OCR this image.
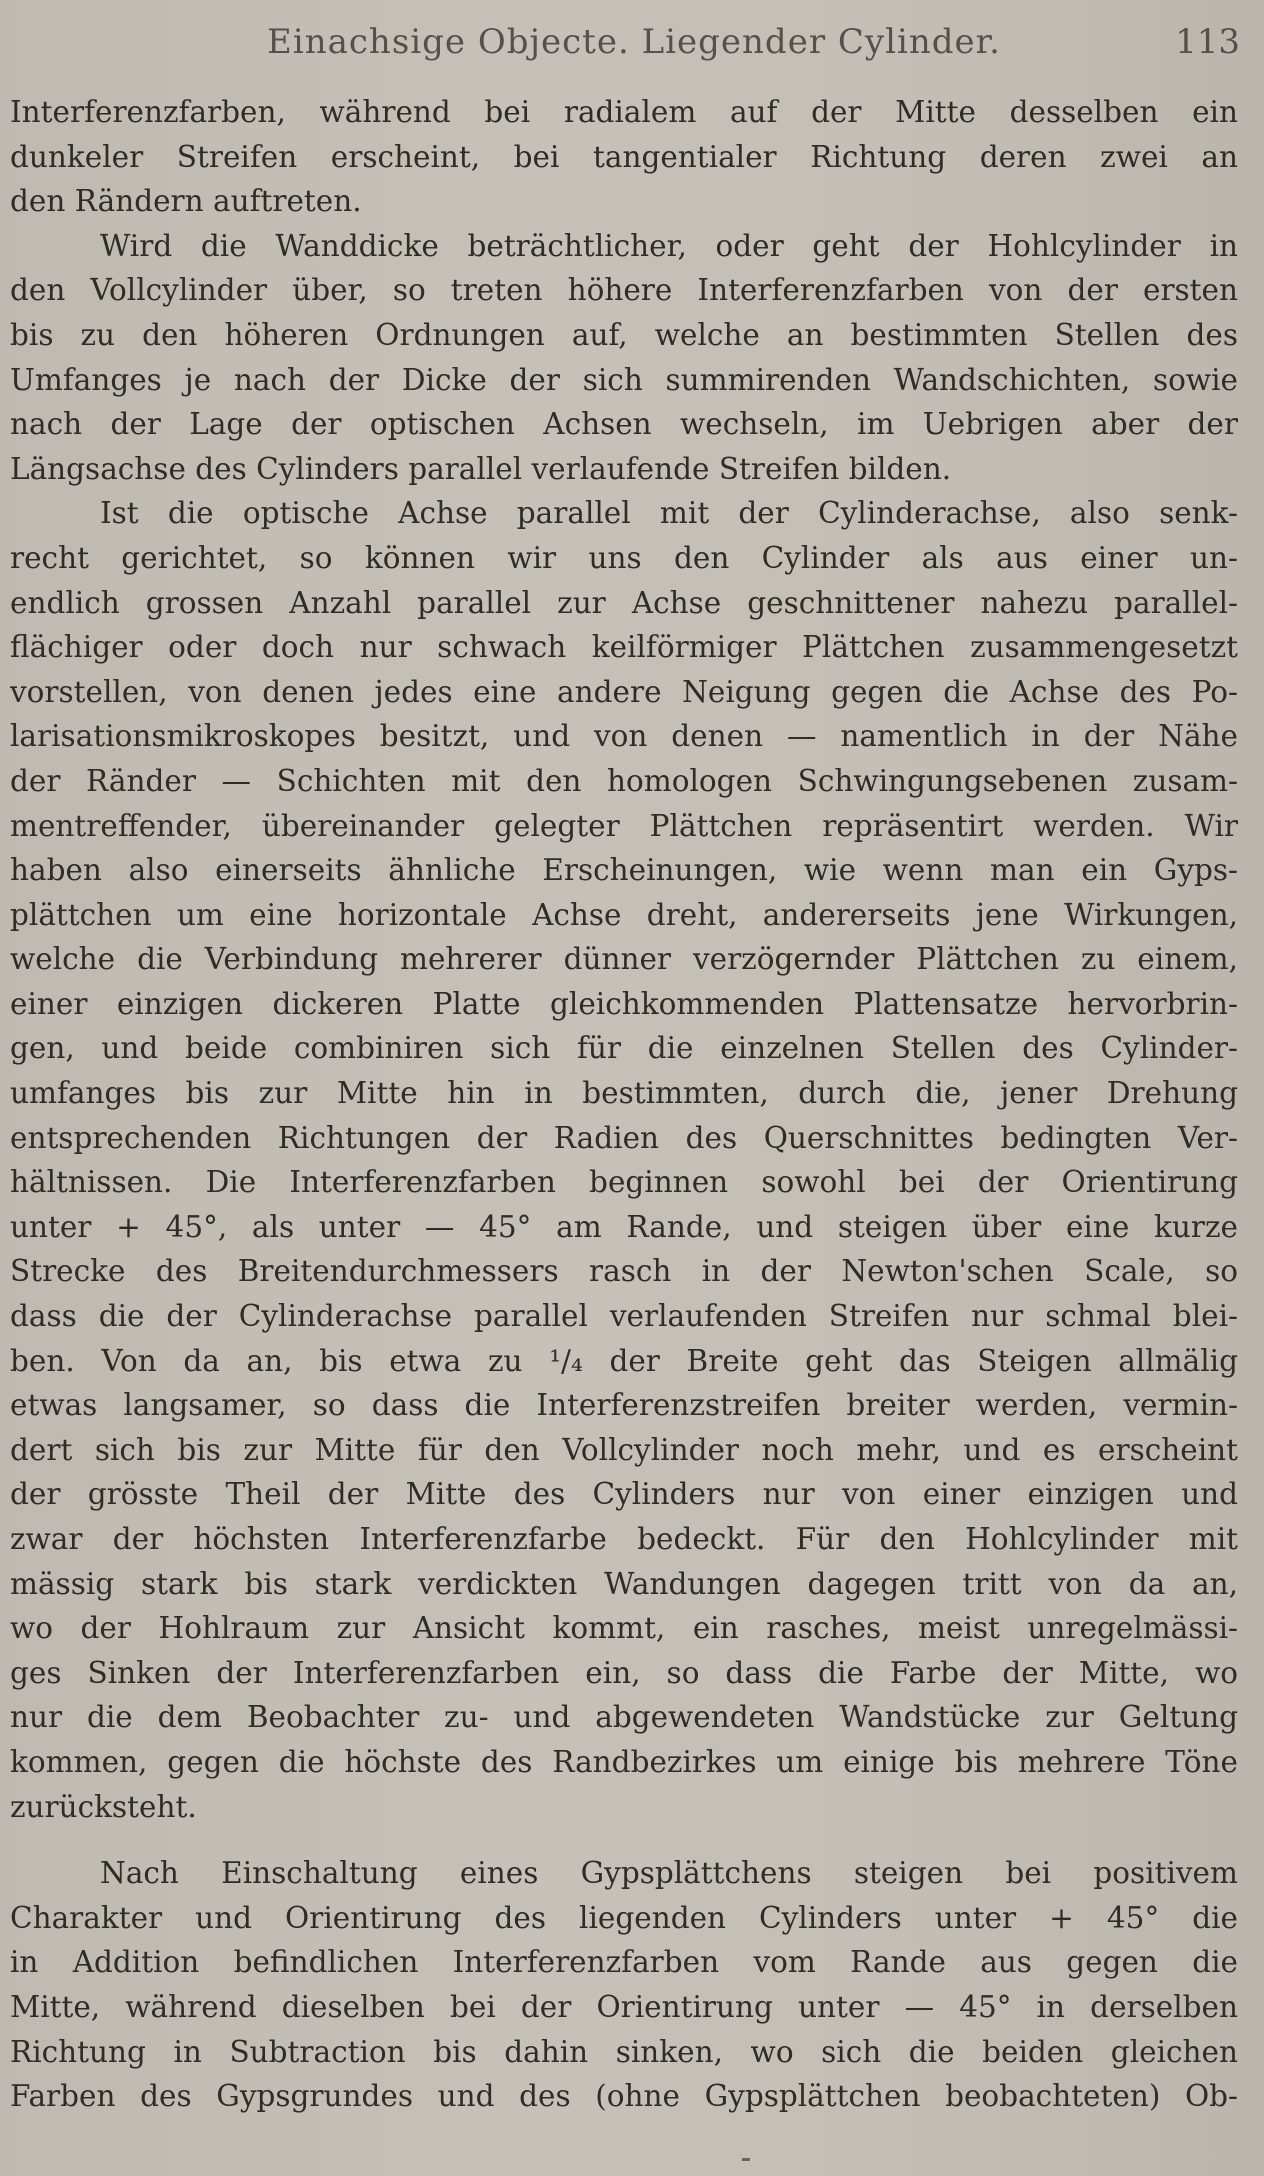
Einachsige Objecte. Liegender Cylinder.	113
Interferenzfarben, während bei radialem auf der Mitte desselben ein
dunkeler Streifen erscheint, bei tangentialer Richtung deren zwei an
den Rändern auftreten.
Wird die Wanddicke beträchtlicher, oder geht der Hohlcylinder in
den Vollcylinder über, so treten höhere Interferenzfarben von der ersten
bis zu den höheren Ordnungen auf, welche an bestimmten Stellen des
Umfanges je nach der Dicke der sich summirenden Wandschichten, sowie
nach der Lage der optischen Achsen wechseln, im Uebrigen aber der
Längsachse des Cylinders parallel verlaufende Streifen bilden.
Ist die optische Achse parallel mit der Cylinderachse, also senk-
recht gerichtet, so können wir uns den Cylinder als aus einer un-
endlich grossen Anzahl parallel zur Achse geschnittener nahezu parallel-
flächiger oder doch nur schwach keilförmiger Plättchen zusammengesetzt
vorstellen, von denen jedes eine andere Neigung gegen die Achse des Po-
larisationsmikroskopes besitzt, und von denen — namentlich in der Nähe
der Ränder — Schichten mit den homologen Schwingungsebenen zusam-
mentreffender, übereinander gelegter Plättchen repräsentirt werden. Wir
haben also einerseits ähnliche Erscheinungen, wie wenn man ein Gyps-
plättchen um eine horizontale Achse dreht, andererseits jene Wirkungen,
welche die Verbindung mehrerer dünner verzögernder Plättchen zu einem,
einer einzigen dickeren Platte gleichkommenden Plattensatze hervorbrin-
gen, und beide combiniren sich für die einzelnen Stellen des Cylinder-
umfanges bis zur Mitte hin in bestimmten, durch die, jener Drehung
entsprechenden Richtungen der Radien des Querschnittes bedingten Ver-
hältnissen. Die Interferenzfarben beginnen sowohl bei der Orientirung
unter + 45°, als unter — 45° am Rande, und steigen über eine kurze
Strecke des Breitendurchmessers rasch in der Newton'schen Scale, so
dass die der Cylinderachse parallel verlaufenden Streifen nur schmal blei-
ben. Von da an, bis etwa zu ¹/₄ der Breite geht das Steigen allmälig
etwas langsamer, so dass die Interferenzstreifen breiter werden, vermin-
dert sich bis zur Mitte für den Vollcylinder noch mehr, und es erscheint
der grösste Theil der Mitte des Cylinders nur von einer einzigen und
zwar der höchsten Interferenzfarbe bedeckt. Für den Hohlcylinder mit
mässig stark bis stark verdickten Wandungen dagegen tritt von da an,
wo der Hohlraum zur Ansicht kommt, ein rasches, meist unregelmässi-
ges Sinken der Interferenzfarben ein, so dass die Farbe der Mitte, wo
nur die dem Beobachter zu- und abgewendeten Wandstücke zur Geltung
kommen, gegen die höchste des Randbezirkes um einige bis mehrere Töne
zurücksteht.
Nach Einschaltung eines Gypsplättchens steigen bei positivem
Charakter und Orientirung des liegenden Cylinders unter + 45° die
in Addition befindlichen Interferenzfarben vom Rande aus gegen die
Mitte, während dieselben bei der Orientirung unter — 45° in derselben
Richtung in Subtraction bis dahin sinken, wo sich die beiden gleichen
Farben des Gypsgrundes und des (ohne Gypsplättchen beobachteten) Ob-
